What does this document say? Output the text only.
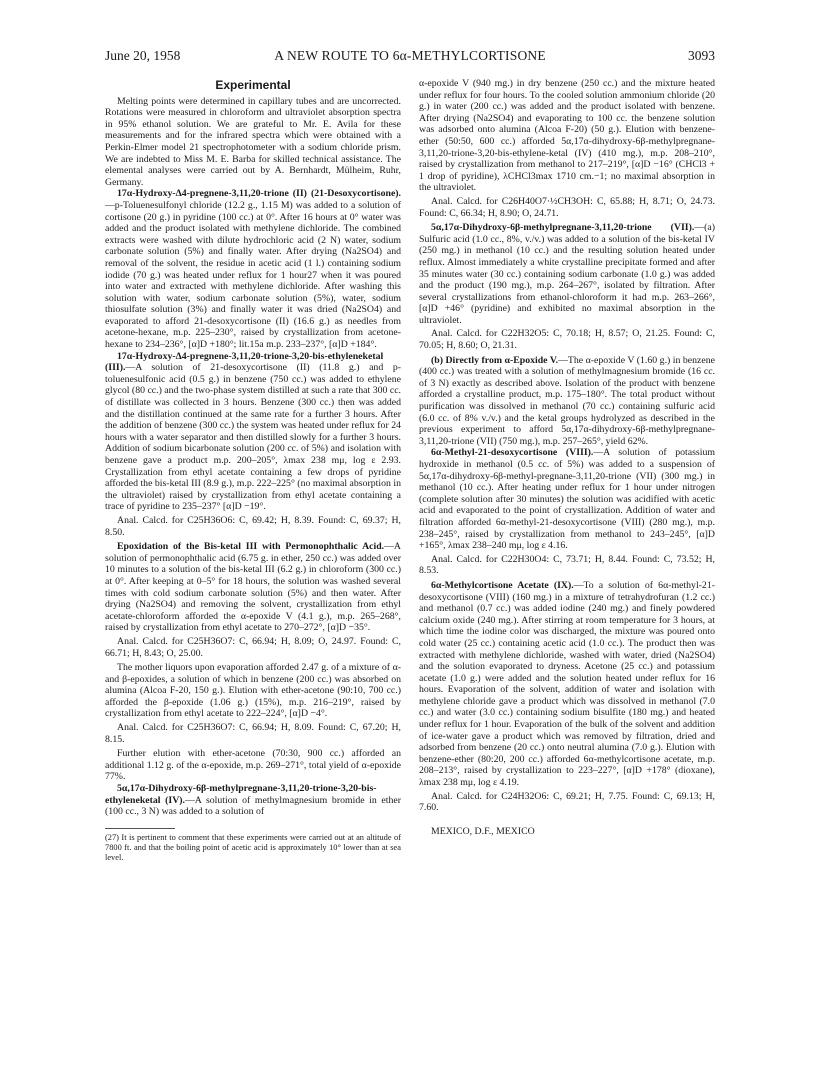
June 20, 1958	A NEW ROUTE TO 6α-METHYLCORTISONE	3093
Experimental

Melting points were determined in capillary tubes and are uncorrected. Rotations were measured in chloroform and ultraviolet absorption spectra in 95% ethanol solution. We are grateful to Mr. E. Avila for these measurements and for the infrared spectra which were obtained with a Perkin-Elmer model 21 spectrophotometer with a sodium chloride prism. We are indebted to Miss M. E. Barba for skilled technical assistance. The elemental analyses were carried out by A. Bernhardt, Mülheim, Ruhr, Germany.

17α-Hydroxy-Δ4-pregnene-3,11,20-trione (II) (21-Desoxycortisone).—p-Toluenesulfonyl chloride (12.2 g., 1.15 M) was added to a solution of cortisone (20 g.) in pyridine (100 cc.) at 0°. After 16 hours at 0° water was added and the product isolated with methylene dichloride. The combined extracts were washed with dilute hydrochloric acid (2 N) water, sodium carbonate solution (5%) and finally water. After drying (Na2SO4) and removal of the solvent, the residue in acetic acid (1 l.) containing sodium iodide (70 g.) was heated under reflux for 1 hour27 when it was poured into water and extracted with methylene dichloride. After washing this solution with water, sodium carbonate solution (5%), water, sodium thiosulfate solution (3%) and finally water it was dried (Na2SO4) and evaporated to afford 21-desoxycortisone (II) (16.6 g.) as needles from acetone-hexane, m.p. 225–230°, raised by crystallization from acetone-hexane to 234–236°, [α]D +180°; lit.15a m.p. 233–237°, [α]D +184°.

17α-Hydroxy-Δ4-pregnene-3,11,20-trione-3,20-bis-ethyleneketal (III).—A solution of 21-desoxycortisone (II) (11.8 g.) and p-toluenesulfonic acid (0.5 g.) in benzene (750 cc.) was added to ethylene glycol (80 cc.) and the two-phase system distilled at such a rate that 300 cc. of distillate was collected in 3 hours. Benzene (300 cc.) then was added and the distillation continued at the same rate for a further 3 hours. After the addition of benzene (300 cc.) the system was heated under reflux for 24 hours with a water separator and then distilled slowly for a further 3 hours. Addition of sodium bicarbonate solution (200 cc. of 5%) and isolation with benzene gave a product m.p. 200–205°, λmax 238 mμ, log ε 2.93. Crystallization from ethyl acetate containing a few drops of pyridine afforded the bis-ketal III (8.9 g.), m.p. 222–225° (no maximal absorption in the ultraviolet) raised by crystallization from ethyl acetate containing a trace of pyridine to 235–237° [α]D −19°.

Anal. Calcd. for C25H36O6: C, 69.42; H, 8.39. Found: C, 69.37; H, 8.50.

Epoxidation of the Bis-ketal III with Permonophthalic Acid.—A solution of permonophthalic acid (6.75 g. in ether, 250 cc.) was added over 10 minutes to a solution of the bis-ketal III (6.2 g.) in chloroform (300 cc.) at 0°. After keeping at 0–5° for 18 hours, the solution was washed several times with cold sodium carbonate solution (5%) and then water. After drying (Na2SO4) and removing the solvent, crystallization from ethyl acetate-chloroform afforded the α-epoxide V (4.1 g.), m.p. 265–268°, raised by crystallization from ethyl acetate to 270–272°, [α]D −35°.

Anal. Calcd. for C25H36O7: C, 66.94; H, 8.09; O, 24.97. Found: C, 66.71; H, 8.43; O, 25.00.

The mother liquors upon evaporation afforded 2.47 g. of a mixture of α- and β-epoxides, a solution of which in benzene (200 cc.) was absorbed on alumina (Alcoa F-20, 150 g.). Elution with ether-acetone (90:10, 700 cc.) afforded the β-epoxide (1.06 g.) (15%), m.p. 216–219°, raised by crystallization from ethyl acetate to 222–224°, [α]D −4°.

Anal. Calcd. for C25H36O7: C, 66.94; H, 8.09. Found: C, 67.20; H, 8.15.

Further elution with ether-acetone (70:30, 900 cc.) afforded an additional 1.12 g. of the α-epoxide, m.p. 269–271°, total yield of α-epoxide 77%.

5α,17α-Dihydroxy-6β-methylpregnane-3,11,20-trione-3,20-bis-ethyleneketal (IV).—A solution of methylmagnesium bromide in ether (100 cc., 3 N) was added to a solution of

(27) It is pertinent to comment that these experiments were carried out at an altitude of 7800 ft. and that the boiling point of acetic acid is approximately 10° lower than at sea level.

α-epoxide V (940 mg.) in dry benzene (250 cc.) and the mixture heated under reflux for four hours. To the cooled solution ammonium chloride (20 g.) in water (200 cc.) was added and the product isolated with benzene. After drying (Na2SO4) and evaporating to 100 cc. the benzene solution was adsorbed onto alumina (Alcoa F-20) (50 g.). Elution with benzene-ether (50:50, 600 cc.) afforded 5α,17α-dihydroxy-6β-methylpregnane-3,11,20-trione-3,20-bis-ethylene-ketal (IV) (410 mg.), m.p. 208–210°, raised by crystallization from methanol to 217–219°, [α]D −16° (CHCl3 + 1 drop of pyridine), λCHCl3max 1710 cm.−1; no maximal absorption in the ultraviolet.

Anal. Calcd. for C26H40O7·½CH3OH: C, 65.88; H, 8.71; O, 24.73. Found: C, 66.34; H, 8.90; O, 24.71.

5α,17α-Dihydroxy-6β-methylpregnane-3,11,20-trione (VII).—(a) Sulfuric acid (1.0 cc., 8%, v./v.) was added to a solution of the bis-ketal IV (250 mg.) in methanol (10 cc.) and the resulting solution heated under reflux. Almost immediately a white crystalline precipitate formed and after 35 minutes water (30 cc.) containing sodium carbonate (1.0 g.) was added and the product (190 mg.), m.p. 264–267°, isolated by filtration. After several crystallizations from ethanol-chloroform it had m.p. 263–266°, [α]D +46° (pyridine) and exhibited no maximal absorption in the ultraviolet.

Anal. Calcd. for C22H32O5: C, 70.18; H, 8.57; O, 21.25. Found: C, 70.05; H, 8.60; O, 21.31.

(b) Directly from α-Epoxide V.—The α-epoxide V (1.60 g.) in benzene (400 cc.) was treated with a solution of methylmagnesium bromide (16 cc. of 3 N) exactly as described above. Isolation of the product with benzene afforded a crystalline product, m.p. 175–180°. The total product without purification was dissolved in methanol (70 cc.) containing sulfuric acid (6.0 cc. of 8% v./v.) and the ketal groups hydrolyzed as described in the previous experiment to afford 5α,17α-dihydroxy-6β-methylpregnane-3,11,20-trione (VII) (750 mg.), m.p. 257–265°, yield 62%.

6α-Methyl-21-desoxycortisone (VIII).—A solution of potassium hydroxide in methanol (0.5 cc. of 5%) was added to a suspension of 5α,17α-dihydroxy-6β-methyl-pregnane-3,11,20-trione (VII) (300 mg.) in methanol (10 cc.). After heating under reflux for 1 hour under nitrogen (complete solution after 30 minutes) the solution was acidified with acetic acid and evaporated to the point of crystallization. Addition of water and filtration afforded 6α-methyl-21-desoxycortisone (VIII) (280 mg.), m.p. 238–245°, raised by crystallization from methanol to 243–245°, [α]D +165°, λmax 238–240 mμ, log ε 4.16.

Anal. Calcd. for C22H30O4: C, 73.71; H, 8.44. Found: C, 73.52; H, 8.53.

6α-Methylcortisone Acetate (IX).—To a solution of 6α-methyl-21-desoxycortisone (VIII) (160 mg.) in a mixture of tetrahydrofuran (1.2 cc.) and methanol (0.7 cc.) was added iodine (240 mg.) and finely powdered calcium oxide (240 mg.). After stirring at room temperature for 3 hours, at which time the iodine color was discharged, the mixture was poured onto cold water (25 cc.) containing acetic acid (1.0 cc.). The product then was extracted with methylene dichloride, washed with water, dried (Na2SO4) and the solution evaporated to dryness. Acetone (25 cc.) and potassium acetate (1.0 g.) were added and the solution heated under reflux for 16 hours. Evaporation of the solvent, addition of water and isolation with methylene chloride gave a product which was dissolved in methanol (7.0 cc.) and water (3.0 cc.) containing sodium bisulfite (180 mg.) and heated under reflux for 1 hour. Evaporation of the bulk of the solvent and addition of ice-water gave a product which was removed by filtration, dried and adsorbed from benzene (20 cc.) onto neutral alumina (7.0 g.). Elution with benzene-ether (80:20, 200 cc.) afforded 6α-methylcortisone acetate, m.p. 208–213°, raised by crystallization to 223–227°, [α]D +178° (dioxane), λmax 238 mμ, log ε 4.19.

Anal. Calcd. for C24H32O6: C, 69.21; H, 7.75. Found: C, 69.13; H, 7.60.

MEXICO, D.F., MEXICO
